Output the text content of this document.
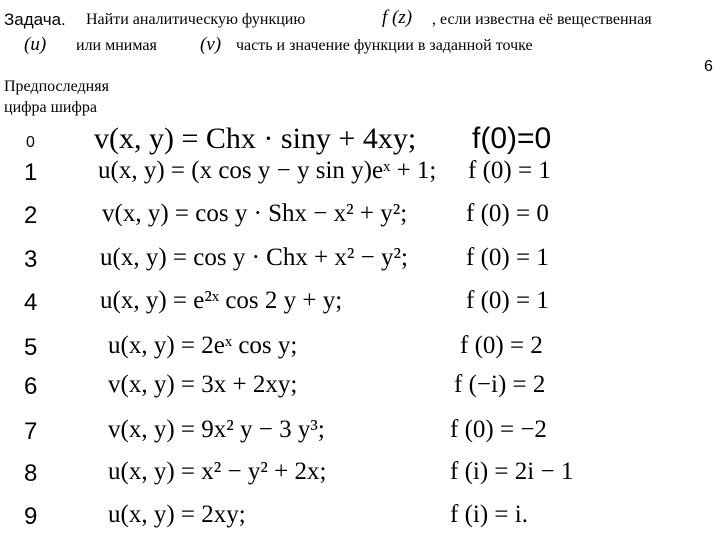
Задача. Найти аналитическую функцию	f (z) , если известна её вещественная
(u) или мнимая (v) часть и значение функции в заданной точке
6
Предпоследняя цифра шифра
0 v(x, y) = Chx · siny + 4xy; f(0)=0
1 u(x, y) = (x cos y − y sin y)eˣ + 1; f (0) = 1
2	v(x, y) = cos y · Shx − x² + y²; f (0) = 0
3	u(x, y) = cos y · Chx + x² − y²; f (0) = 1
4	u(x, y) = e²ˣ cos 2 y + y;	f (0) = 1
5	u(x, y) = 2eˣ cos y;	f (0) = 2
6	v(x, y) = 3x + 2xy;	f (−i) = 2
7	v(x, y) = 9x² y − 3 y³;	f (0) = −2
8	u(x, y) = x² − y² + 2x;	f (i) = 2i − 1
9	u(x, y) = 2xy;	f (i) = i.
